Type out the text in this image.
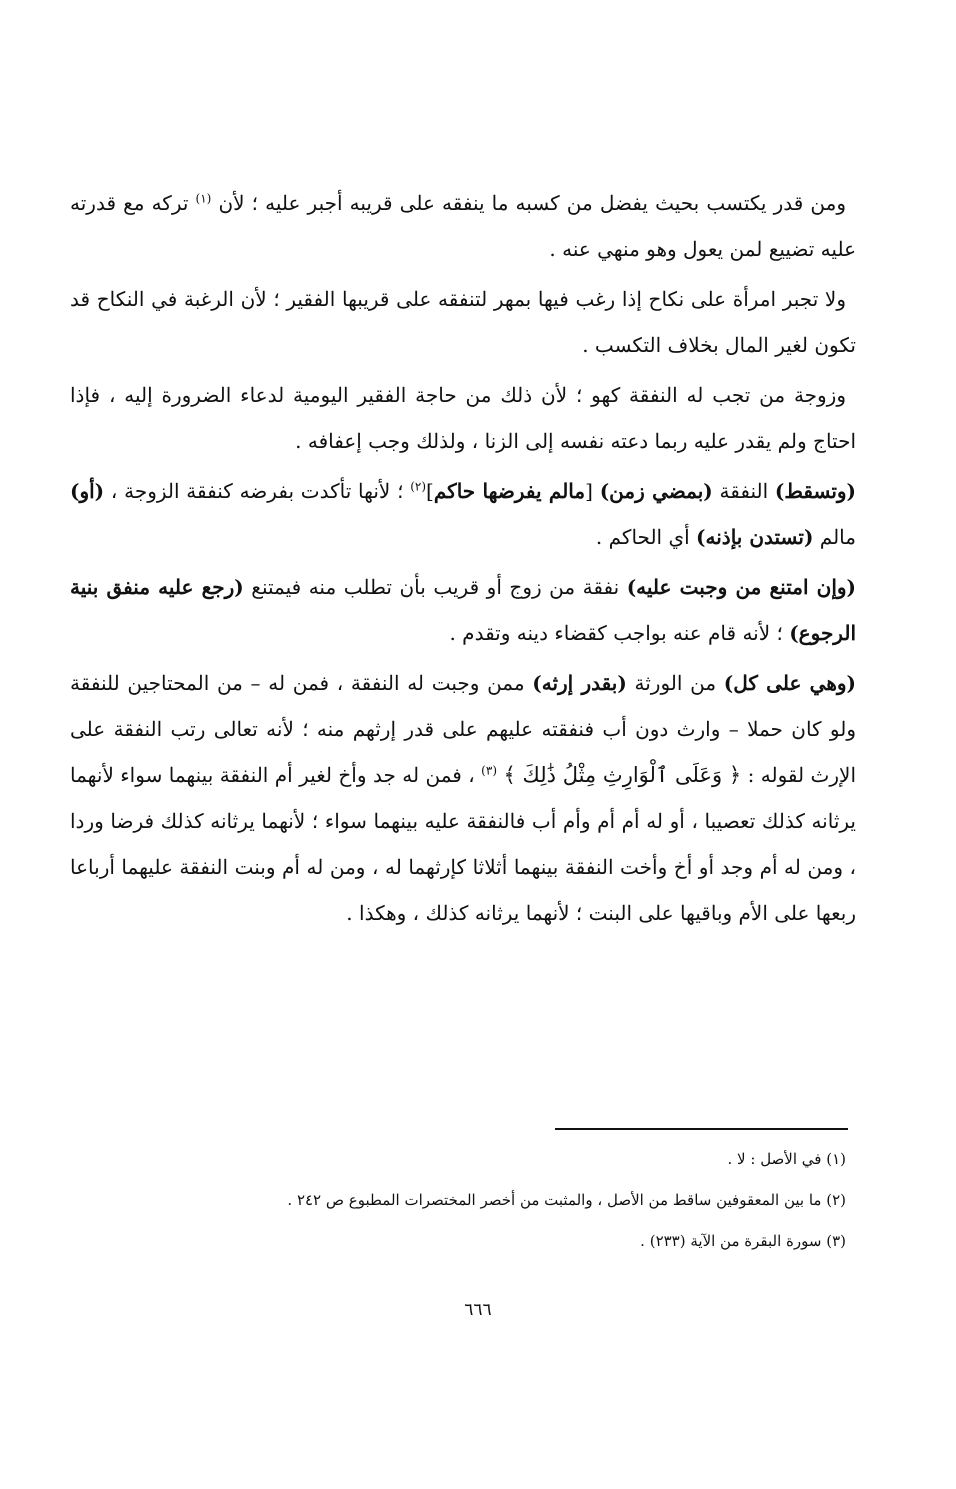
ومن قدر يكتسب بحيث يفضل من كسبه ما ينفقه على قريبه أجبر عليه ؛ لأن $^{(١)}$ تركه مع قدرته عليه تضييع لمن يعول وهو منهي عنه .

ولا تجبر امرأة على نكاح إذا رغب فيها بمهر لتنفقه على قريبها الفقير ؛ لأن الرغبة في النكاح قد تكون لغير المال بخلاف التكسب .

وزوجة من تجب له النفقة كهو ؛ لأن ذلك من حاجة الفقير اليومية لدعاء الضرورة إليه ، فإذا احتاج ولم يقدر عليه ربما دعته نفسه إلى الزنا ، ولذلك وجب إعفافه .

(وتسقط) النفقة (بمضي زمن) [مالم يفرضها حاكم]$^{(٢)}$ ؛ لأنها تأكدت بفرضه كنفقة الزوجة ، (أو) مالم (تستدن بإذنه) أي الحاكم .

(وإن امتنع من وجبت عليه) نفقة من زوج أو قريب بأن تطلب منه فيمتنع (رجع عليه منفق بنية الرجوع) ؛ لأنه قام عنه بواجب كقضاء دينه وتقدم .

(وهي على كل) من الورثة (بقدر إرثه) ممن وجبت له النفقة ، فمن له – من المحتاجين للنفقة ولو كان حملا – وارث دون أب فنفقته عليهم على قدر إرثهم منه ؛ لأنه تعالى رتب النفقة على الإرث لقوله : ﴿ وَعَلَى ٱلْوَارِثِ مِثْلُ ذَٰلِكَ ﴾ $^{(٣)}$ ، فمن له جد وأخ لغير أم النفقة بينهما سواء لأنهما يرثانه كذلك تعصيبا ، أو له أم أم وأم أب فالنفقة عليه بينهما سواء ؛ لأنهما يرثانه كذلك فرضا وردا ، ومن له أم وجد أو أخ وأخت النفقة بينهما أثلاثا كإرثهما له ، ومن له أم وبنت النفقة عليهما أرباعا ربعها على الأم وباقيها على البنت ؛ لأنهما يرثانه كذلك ، وهكذا .

(١) في الأصل : لا .
(٢) ما بين المعقوفين ساقط من الأصل ، والمثبت من أخصر المختصرات المطبوع ص ٢٤٢ .
(٣) سورة البقرة من الآية (٢٣٣) .
٦٦٦
